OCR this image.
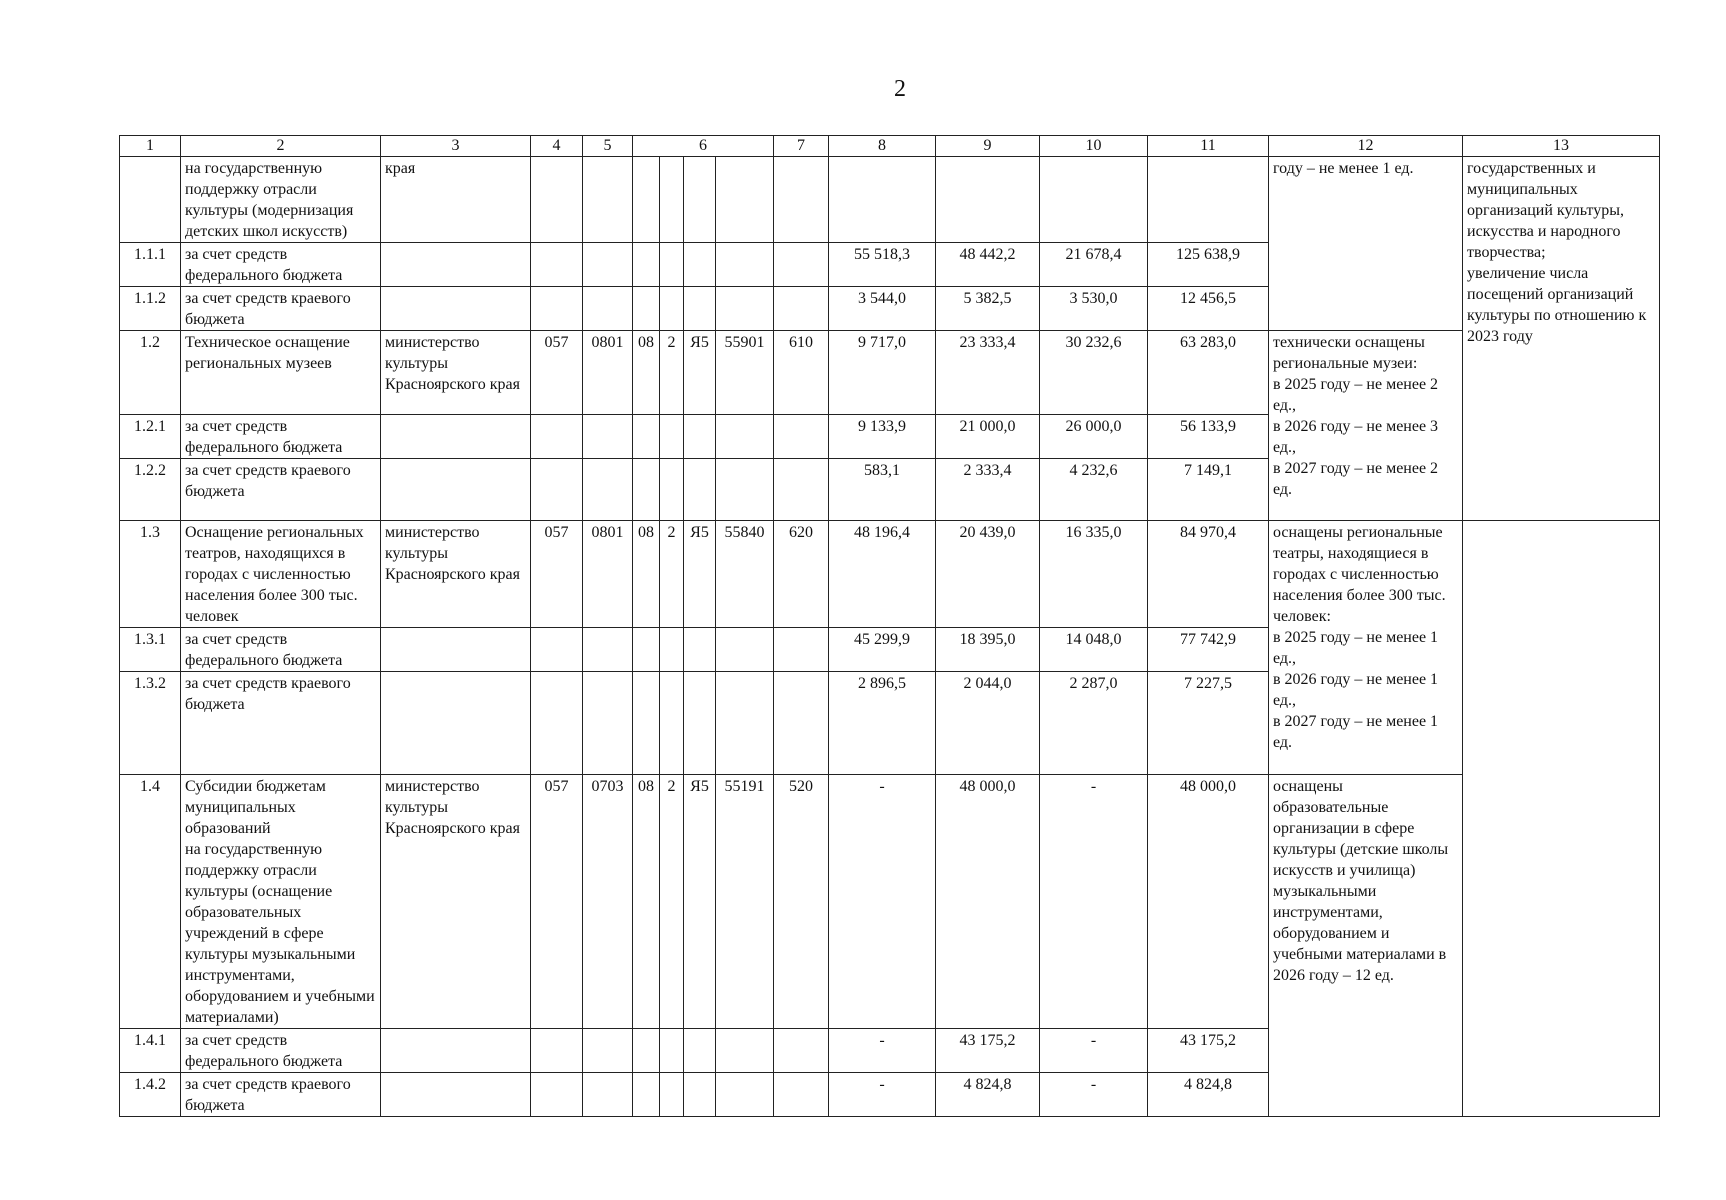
2
1	2	3	4	5	6				7	8	9	10	11	12	13
	на государственную поддержку отрасли культуры (модернизация детских школ искусств)	края												году – не менее 1 ед.	государственных и муниципальных организаций культуры, искусства и народного творчества;
увеличение числа посещений организаций культуры по отношению к 2023 году
1.1.1	за счет средств федерального бюджета									55 518,3	48 442,2	21 678,4	125 638,9		
1.1.2	за счет средств краевого бюджета									3 544,0	5 382,5	3 530,0	12 456,5		
1.2	Техническое оснащение региональных музеев	министерство культуры Красноярского края	057	0801	08	2	Я5	55901	610	9 717,0	23 333,4	30 232,6	63 283,0	технически оснащены региональные музеи:
в 2025 году – не менее 2 ед.,
в 2026 году – не менее 3 ед.,
в 2027 году – не менее 2 ед.	
1.2.1	за счет средств федерального бюджета									9 133,9	21 000,0	26 000,0	56 133,9		
1.2.2	за счет средств краевого бюджета									583,1	2 333,4	4 232,6	7 149,1		
1.3	Оснащение региональных театров, находящихся в городах с численностью населения более 300 тыс. человек	министерство культуры Красноярского края	057	0801	08	2	Я5	55840	620	48 196,4	20 439,0	16 335,0	84 970,4	оснащены региональные театры, находящиеся в городах с численностью населения более 300 тыс. человек:
в 2025 году – не менее 1 ед.,
в 2026 году – не менее 1 ед.,
в 2027 году – не менее 1 ед.	
1.3.1	за счет средств федерального бюджета									45 299,9	18 395,0	14 048,0	77 742,9		
1.3.2	за счет средств краевого бюджета									2 896,5	2 044,0	2 287,0	7 227,5		
1.4	Субсидии бюджетам муниципальных образований
на государственную поддержку отрасли культуры (оснащение образовательных учреждений в сфере культуры музыкальными инструментами, оборудованием и учебными материалами)	министерство культуры Красноярского края	057	0703	08	2	Я5	55191	520	-	48 000,0	-	48 000,0	оснащены образовательные организации в сфере культуры (детские школы искусств и училища) музыкальными инструментами, оборудованием и учебными материалами в 2026 году – 12 ед.	
1.4.1	за счет средств федерального бюджета									-	43 175,2	-	43 175,2		
1.4.2	за счет средств краевого бюджета									-	4 824,8	-	4 824,8		
